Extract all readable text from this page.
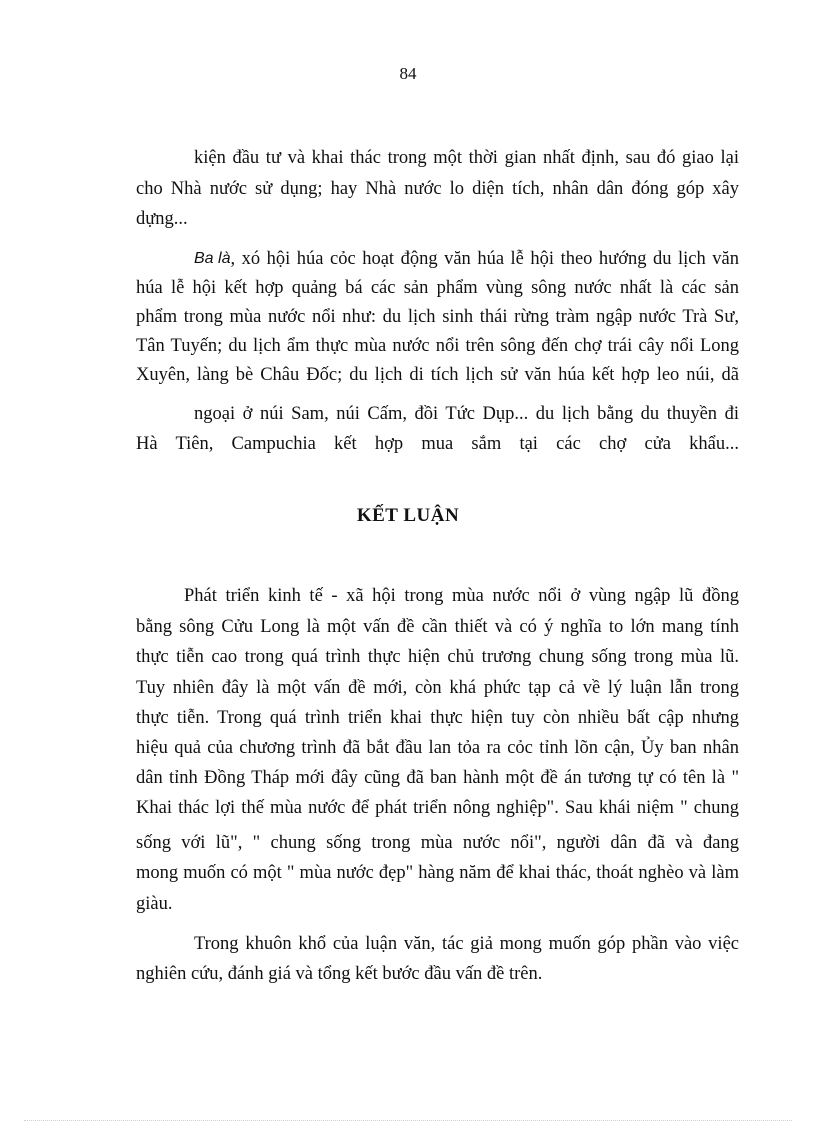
84
kiện đầu tư và khai thác trong một thời gian nhất định, sau đó giao lại
cho Nhà nước sử dụng; hay Nhà nước lo diện tích, nhân dân đóng góp xây
dựng...
Ba là , xó hội húa cỏc hoạt động văn húa lễ hội theo hướng du lịch văn
húa lễ hội kết hợp quảng bá các sản phẩm vùng sông nước nhất là các sản
phẩm trong mùa nước nổi như: du lịch sinh thái rừng tràm ngập nước Trà Sư,
Tân Tuyến; du lịch ẩm thực mùa nước nổi trên sông đến chợ trái cây nổi Long
Xuyên, làng bè Châu Đốc; du lịch di tích lịch sử văn húa kết hợp leo núi, dã
ngoại ở núi Sam, núi Cấm, đồi Tức Dụp... du lịch bằng du thuyền đi
Hà Tiên, Campuchia kết hợp mua sắm tại các chợ cửa khẩu...
KẾT LUẬN
Phát triển kinh tế - xã hội trong mùa nước nổi ở vùng ngập lũ đồng
bằng sông Cửu Long là một vấn đề cần thiết và có ý nghĩa to lớn mang tính
thực tiễn cao trong quá trình thực hiện chủ trương chung sống trong mùa lũ.
Tuy nhiên đây là một vấn đề mới, còn khá phức tạp cả về lý luận lẫn trong
thực tiễn. Trong quá trình triển khai thực hiện tuy còn nhiều bất cập nhưng
hiệu quả của chương trình đã bắt đầu lan tỏa ra cỏc tỉnh lõn cận, Ủy ban nhân
dân tỉnh Đồng Tháp mới đây cũng đã ban hành một đề án tương tự có tên là "
Khai thác lợi thế mùa nước để phát triển nông nghiệp". Sau khái niệm " chung
sống với lũ", " chung sống trong mùa nước nổi", người dân đã và đang
mong muốn có một " mùa nước đẹp" hàng năm để khai thác, thoát nghèo và làm
giàu.
Trong khuôn khổ của luận văn, tác giả mong muốn góp phần vào việc
nghiên cứu, đánh giá và tổng kết bước đầu vấn đề trên.
